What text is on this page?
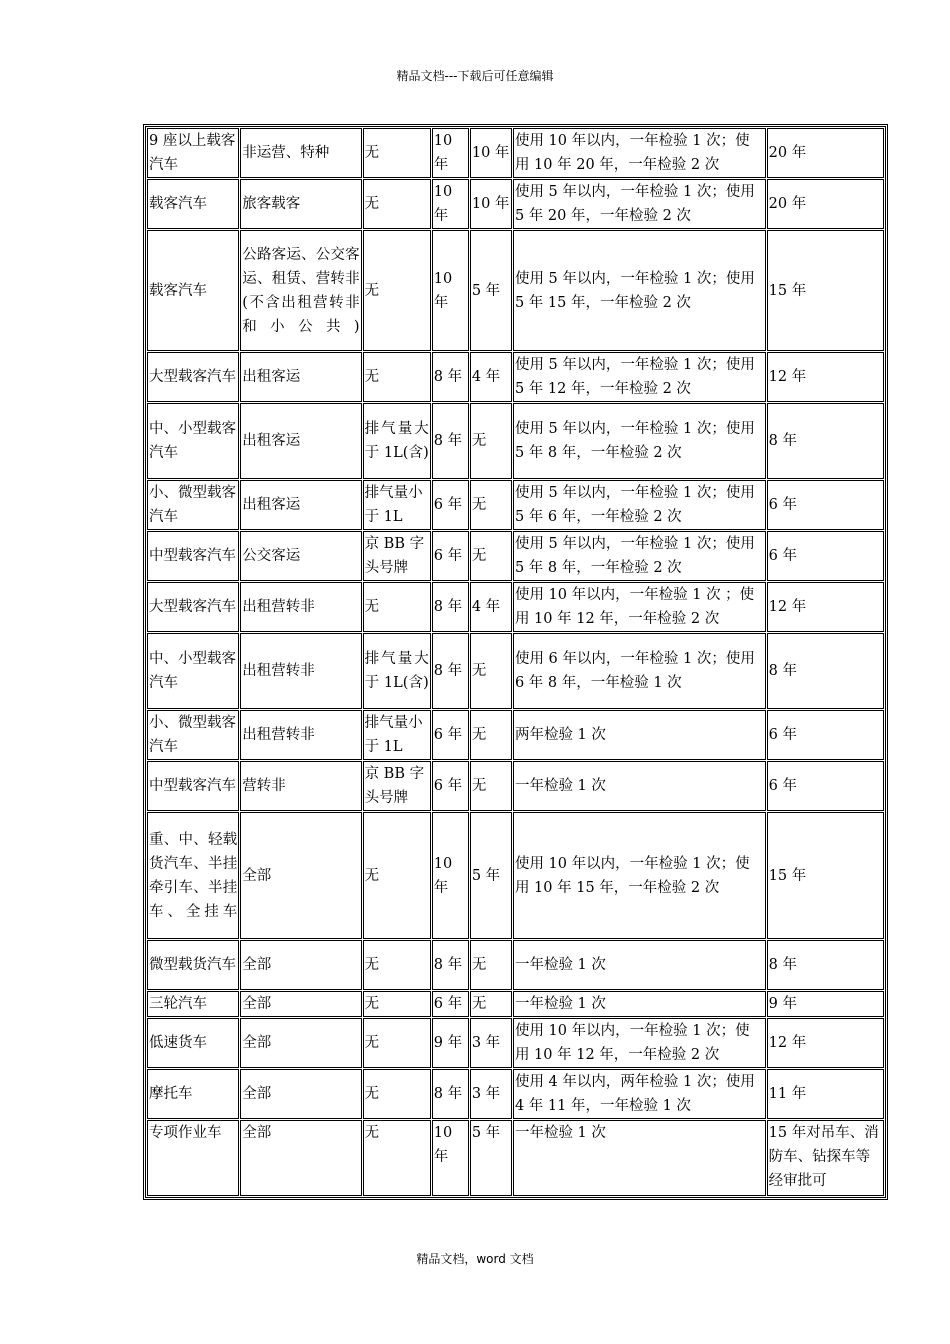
精品文档---下载后可任意编辑
9 座以上载客汽车	非运营、特种	无	10 年	10 年	使用 10 年以内，一年检验 1 次；使用 10 年 20 年，一年检验 2 次	20 年
载客汽车	旅客载客	无	10 年	10 年	使用 5 年以内，一年检验 1 次；使用 5 年 20 年，一年检验 2 次	20 年
载客汽车	公路客运、公交客运、租赁、营转非(不含出租营转非和小公共)	无	10 年	5 年	使用 5 年以内，一年检验 1 次；使用 5 年 15 年，一年检验 2 次	15 年
大型载客汽车	出租客运	无	8 年	4 年	使用 5 年以内，一年检验 1 次；使用 5 年 12 年，一年检验 2 次	12 年
中、小型载客汽车	出租客运	排气量大于 1L(含)	8 年	无	使用 5 年以内，一年检验 1 次；使用 5 年 8 年，一年检验 2 次	8 年
小、微型载客汽车	出租客运	排气量小于 1L	6 年	无	使用 5 年以内，一年检验 1 次；使用 5 年 6 年，一年检验 2 次	6 年
中型载客汽车	公交客运	京 BB 字头号牌	6 年	无	使用 5 年以内，一年检验 1 次；使用 5 年 8 年，一年检验 2 次	6 年
大型载客汽车	出租营转非	无	8 年	4 年	使用 10 年以内，一年检验 1 次 ；使用 10 年 12 年，一年检验 2 次	12 年
中、小型载客汽车	出租营转非	排气量大于 1L(含)	8 年	无	使用 6 年以内，一年检验 1 次；使用 6 年 8 年，一年检验 1 次	8 年
小、微型载客汽车	出租营转非	排气量小于 1L	6 年	无	两年检验 1 次	6 年
中型载客汽车	营转非	京 BB 字头号牌	6 年	无	一年检验 1 次	6 年
重、中、轻载货汽车、半挂牵引车、半挂车、全挂车	全部	无	10 年	5 年	使用 10 年以内，一年检验 1 次；使用 10 年 15 年，一年检验 2 次	15 年
微型载货汽车	全部	无	8 年	无	一年检验 1 次	8 年
三轮汽车	全部	无	6 年	无	一年检验 1 次	9 年
低速货车	全部	无	9 年	3 年	使用 10 年以内，一年检验 1 次；使用 10 年 12 年，一年检验 2 次	12 年
摩托车	全部	无	8 年	3 年	使用 4 年以内，两年检验 1 次；使用 4 年 11 年，一年检验 1 次	11 年
专项作业车	全部	无	10 年	5 年	一年检验 1 次	15 年对吊车、消防车、钻探车等经审批可
精品文档，word 文档
